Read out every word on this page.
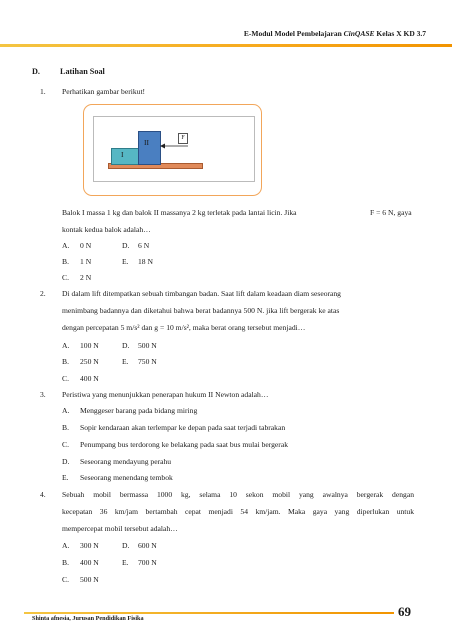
E-Modul Model Pembelajaran CinQASE Kelas X KD 3.7
D. Latihan Soal
1. Perhatikan gambar berikut!
I
II	F
Balok I massa 1 kg dan balok II massanya 2 kg terletak pada lantai licin. Jika	F = 6 N, gaya
kontak kedua balok adalah…
A. 0 N	D. 6 N
B. 1 N	E. 18 N
C. 2 N
2. Di dalam lift ditempatkan sebuah timbangan badan. Saat lift dalam keadaan diam seseorang
menimbang badannya dan diketahui bahwa berat badannya 500 N. jika lift bergerak ke atas
dengan percepatan 5 m/s² dan g = 10 m/s², maka berat orang tersebut menjadi…
A. 100 N	D. 500 N
B. 250 N	E. 750 N
C. 400 N
3. Peristiwa yang menunjukkan penerapan hukum II Newton adalah…
A. Menggeser barang pada bidang miring
B. Sopir kendaraan akan terlempar ke depan pada saat terjadi tabrakan
C. Penumpang bus terdorong ke belakang pada saat bus mulai bergerak
D. Seseorang mendayung perahu
E. Seseorang menendang tembok
4. Sebuah mobil bermassa 1000 kg, selama 10 sekon mobil yang awalnya bergerak dengan
kecepatan 36 km/jam bertambah cepat menjadi 54 km/jam. Maka gaya yang diperlukan untuk
mempercepat mobil tersebut adalah…
A. 300 N	D. 600 N
B. 400 N	E. 700 N
C. 500 N
Shinta afnesia, Jurusan Pendidikan Fisika	69
